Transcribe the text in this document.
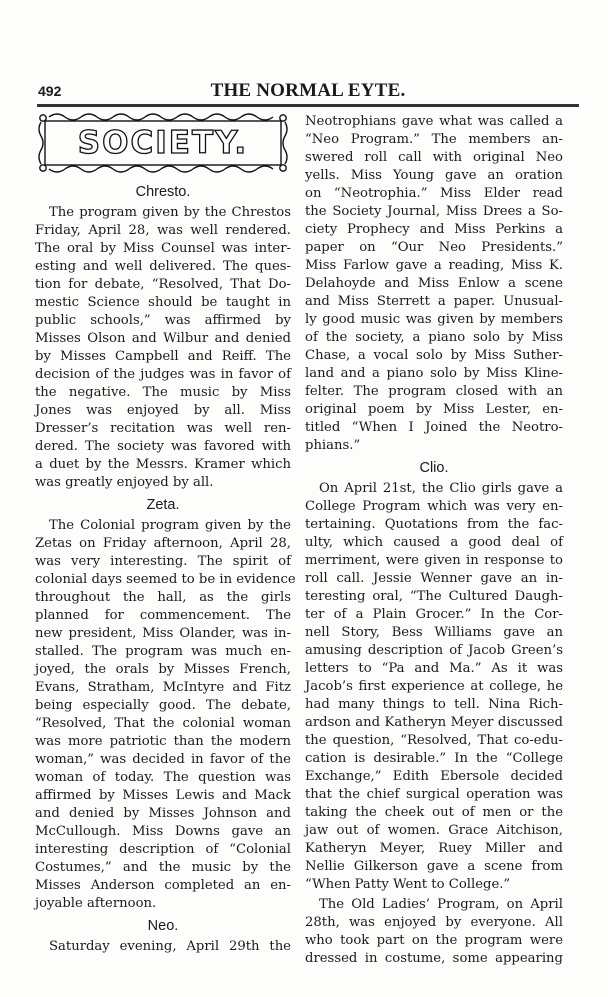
492	THE NORMAL EYTE.
SOCIETY.
Chresto.
The program given by the Chrestos
Friday, April 28, was well rendered.
The oral by Miss Counsel was inter-
esting and well delivered. The ques-
tion for debate, “Resolved, That Do-
mestic Science should be taught in
public schools,” was affirmed by
Misses Olson and Wilbur and denied
by Misses Campbell and Reiff. The
decision of the judges was in favor of
the negative. The music by Miss
Jones was enjoyed by all. Miss
Dresser’s recitation was well ren-
dered. The society was favored with
a duet by the Messrs. Kramer which
was greatly enjoyed by all.
Zeta.
The Colonial program given by the
Zetas on Friday afternoon, April 28,
was very interesting. The spirit of
colonial days seemed to be in evidence
throughout the hall, as the girls
planned for commencement. The
new president, Miss Olander, was in-
stalled. The program was much en-
joyed, the orals by Misses French,
Evans, Stratham, McIntyre and Fitz
being especially good. The debate,
“Resolved, That the colonial woman
was more patriotic than the modern
woman,” was decided in favor of the
woman of today. The question was
affirmed by Misses Lewis and Mack
and denied by Misses Johnson and
McCullough. Miss Downs gave an
interesting description of “Colonial
Costumes,” and the music by the
Misses Anderson completed an en-
joyable afternoon.
Neo.
Saturday evening, April 29th the
Neotrophians gave what was called a
“Neo Program.” The members an-
swered roll call with original Neo
yells. Miss Young gave an oration
on “Neotrophia.” Miss Elder read
the Society Journal, Miss Drees a So-
ciety Prophecy and Miss Perkins a
paper on “Our Neo Presidents.”
Miss Farlow gave a reading, Miss K.
Delahoyde and Miss Enlow a scene
and Miss Sterrett a paper. Unusual-
ly good music was given by members
of the society, a piano solo by Miss
Chase, a vocal solo by Miss Suther-
land and a piano solo by Miss Kline-
felter. The program closed with an
original poem by Miss Lester, en-
titled “When I Joined the Neotro-
phians.”
Clio.
On April 21st, the Clio girls gave a
College Program which was very en-
tertaining. Quotations from the fac-
ulty, which caused a good deal of
merriment, were given in response to
roll call. Jessie Wenner gave an in-
teresting oral, “The Cultured Daugh-
ter of a Plain Grocer.” In the Cor-
nell Story, Bess Williams gave an
amusing description of Jacob Green’s
letters to “Pa and Ma.” As it was
Jacob’s first experience at college, he
had many things to tell. Nina Rich-
ardson and Katheryn Meyer discussed
the question, “Resolved, That co-edu-
cation is desirable.” In the “College
Exchange,” Edith Ebersole decided
that the chief surgical operation was
taking the cheek out of men or the
jaw out of women. Grace Aitchison,
Katheryn Meyer, Ruey Miller and
Nellie Gilkerson gave a scene from
“When Patty Went to College.”
The Old Ladies’ Program, on April
28th, was enjoyed by everyone. All
who took part on the program were
dressed in costume, some appearing
